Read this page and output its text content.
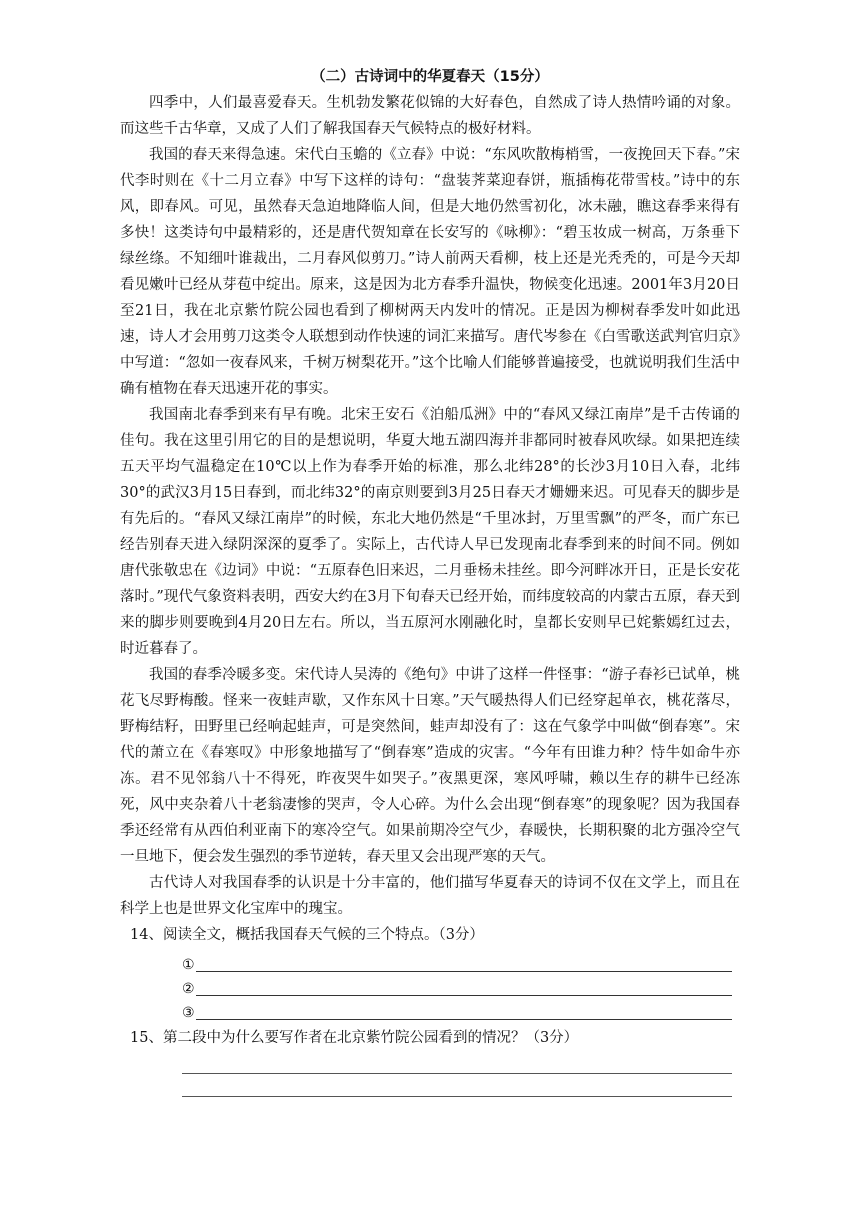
（二）古诗词中的华夏春天（15分）

四季中，人们最喜爱春天。生机勃发繁花似锦的大好春色，自然成了诗人热情吟诵的对象。而这些千古华章，又成了人们了解我国春天气候特点的极好材料。

我国的春天来得急速。宋代白玉蟾的《立春》中说：“东风吹散梅梢雪，一夜挽回天下春。”宋代李时则在《十二月立春》中写下这样的诗句：“盘装荠菜迎春饼，瓶插梅花带雪枝。”诗中的东风，即春风。可见，虽然春天急迫地降临人间，但是大地仍然雪初化，冰未融，瞧这春季来得有多快！这类诗句中最精彩的，还是唐代贺知章在长安写的《咏柳》：“碧玉妆成一树高，万条垂下绿丝绦。不知细叶谁裁出，二月春风似剪刀。”诗人前两天看柳，枝上还是光秃秃的，可是今天却看见嫩叶已经从芽苞中绽出。原来，这是因为北方春季升温快，物候变化迅速。2001年3月20日至21日，我在北京紫竹院公园也看到了柳树两天内发叶的情况。正是因为柳树春季发叶如此迅速，诗人才会用剪刀这类令人联想到动作快速的词汇来描写。唐代岑参在《白雪歌送武判官归京》中写道：“忽如一夜春风来，千树万树梨花开。”这个比喻人们能够普遍接受，也就说明我们生活中确有植物在春天迅速开花的事实。

我国南北春季到来有早有晚。北宋王安石《泊船瓜洲》中的“春风又绿江南岸”是千古传诵的佳句。我在这里引用它的目的是想说明，华夏大地五湖四海并非都同时被春风吹绿。如果把连续五天平均气温稳定在10℃以上作为春季开始的标准，那么北纬28°的长沙3月10日入春，北纬30°的武汉3月15日春到，而北纬32°的南京则要到3月25日春天才姗姗来迟。可见春天的脚步是有先后的。“春风又绿江南岸”的时候，东北大地仍然是“千里冰封，万里雪飘”的严冬，而广东已经告别春天进入绿阴深深的夏季了。实际上，古代诗人早已发现南北春季到来的时间不同。例如唐代张敬忠在《边词》中说：“五原春色旧来迟，二月垂杨未挂丝。即今河畔冰开日，正是长安花落时。”现代气象资料表明，西安大约在3月下旬春天已经开始，而纬度较高的内蒙古五原，春天到来的脚步则要晚到4月20日左右。所以，当五原河水刚融化时，皇都长安则早已姹紫嫣红过去，时近暮春了。

我国的春季冷暖多变。宋代诗人吴涛的《绝句》中讲了这样一件怪事：“游子春衫已试单，桃花飞尽野梅酸。怪来一夜蛙声歇，又作东风十日寒。”天气暖热得人们已经穿起单衣，桃花落尽，野梅结籽，田野里已经响起蛙声，可是突然间，蛙声却没有了：这在气象学中叫做“倒春寒”。宋代的萧立在《春寒叹》中形象地描写了“倒春寒”造成的灾害。“今年有田谁力种？恃牛如命牛亦冻。君不见邻翁八十不得死，昨夜哭牛如哭子。”夜黑更深，寒风呼啸，赖以生存的耕牛已经冻死，风中夹杂着八十老翁凄惨的哭声，令人心碎。为什么会出现“倒春寒”的现象呢？因为我国春季还经常有从西伯利亚南下的寒冷空气。如果前期冷空气少，春暖快，长期积聚的北方强冷空气一旦地下，便会发生强烈的季节逆转，春天里又会出现严寒的天气。

古代诗人对我国春季的认识是十分丰富的，他们描写华夏春天的诗词不仅在文学上，而且在科学上也是世界文化宝库中的瑰宝。

14、阅读全文，概括我国春天气候的三个特点。（3分）

①
②
③

15、第二段中为什么要写作者在北京紫竹院公园看到的情况？（3分）
